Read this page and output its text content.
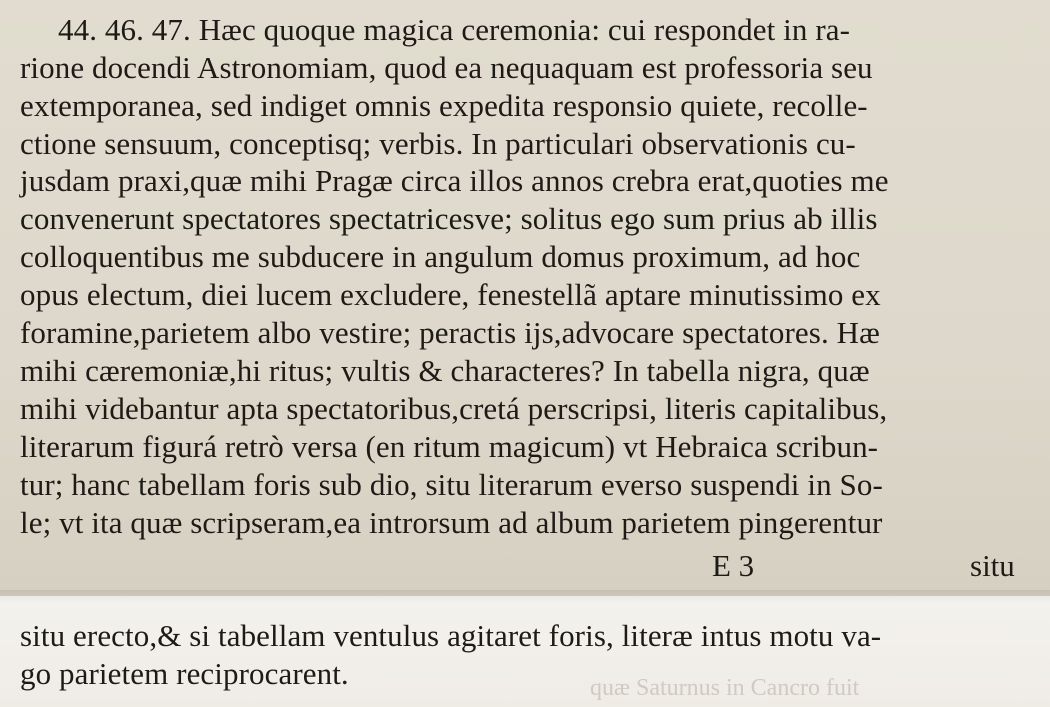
44. 46. 47. Hæc quoque magica ceremonia: cui respondet in ra-
rione docendi Astronomiam, quod ea nequaquam est professoria seu
extemporanea, sed indiget omnis expedita responsio quiete, recolle-
ctione sensuum, conceptisq; verbis. In particulari observationis cu-
jusdam praxi,quæ mihi Pragæ circa illos annos crebra erat,quoties me
convenerunt spectatores spectatricesve; solitus ego sum prius ab illis
colloquentibus me subducere in angulum domus proximum, ad hoc
opus electum, diei lucem excludere, fenestellã aptare minutissimo ex
foramine,parietem albo vestire; peractis ijs,advocare spectatores. Hæ
mihi cæremoniæ,hi ritus; vultis & characteres? In tabella nigra, quæ
mihi videbantur apta spectatoribus,cretá perscripsi, literis capitalibus,
literarum figurá retrò versa (en ritum magicum) vt Hebraica scribun-
tur; hanc tabellam foris sub dio, situ literarum everso suspendi in So-
le; vt ita quæ scripseram,ea introrsum ad album parietem pingerentur
E 3	situ
situ erecto,& si tabellam ventulus agitaret foris, literæ intus motu va-
go parietem reciprocarent.	quæ Saturnus in Cancro fuit
